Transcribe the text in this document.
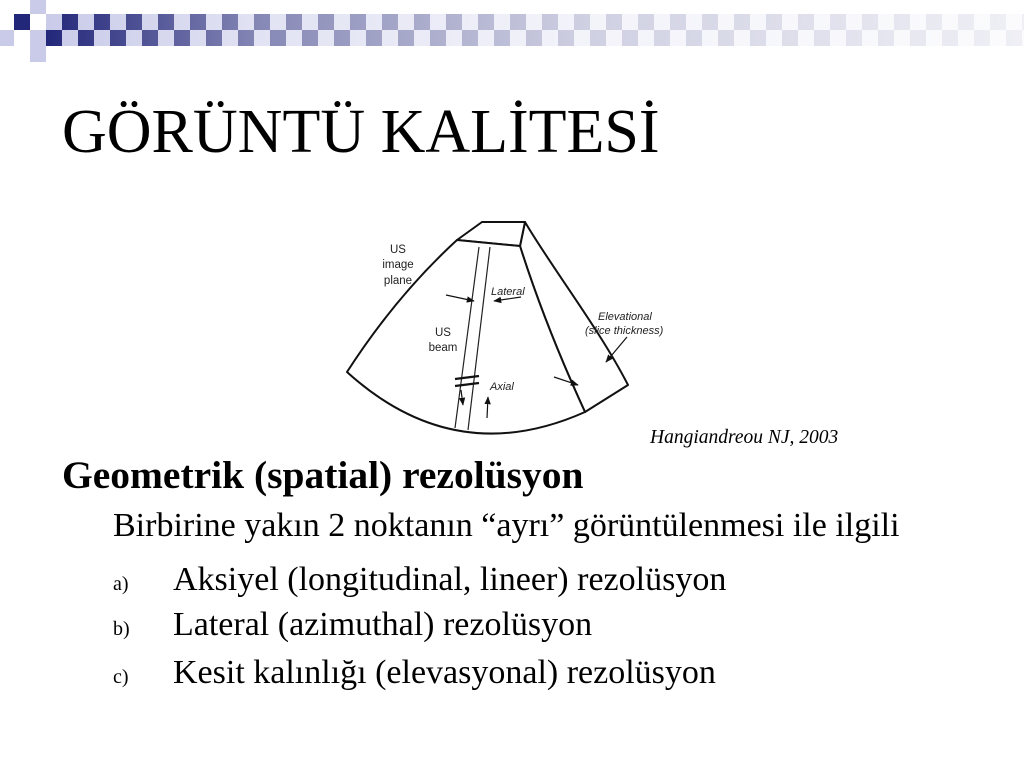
GÖRÜNTÜ KALİTESİ
US
image
plane
Lateral
US
beam
Axial
Elevational
(slice thickness)
Hangiandreou NJ, 2003
Geometrik (spatial) rezolüsyon
Birbirine yakın 2 noktanın “ayrı” görüntülenmesi ile ilgili
a)	Aksiyel (longitudinal, lineer) rezolüsyon
b)	Lateral (azimuthal) rezolüsyon
c)	Kesit kalınlığı (elevasyonal) rezolüsyon
